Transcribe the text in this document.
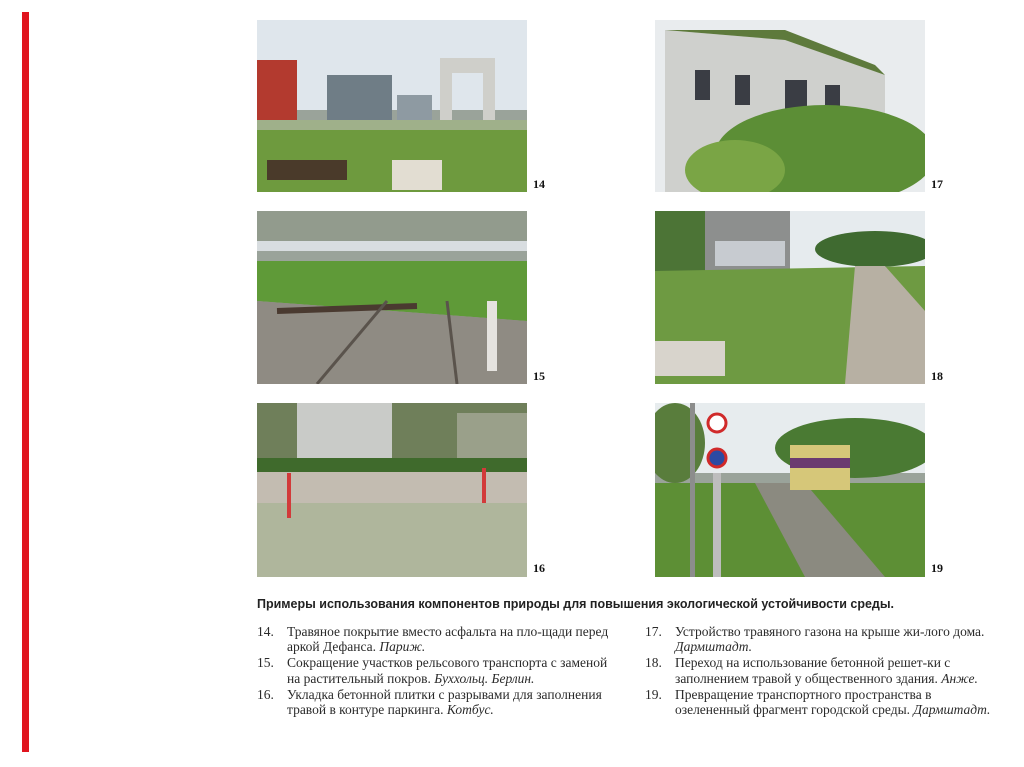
14
15
16
17
18
19
Примеры использования компонентов природы для повышения экологической устойчивости среды.
14. Травяное покрытие вместо асфальта на пло-щади перед аркой Дефанса. Париж.
15. Сокращение участков рельсового транспорта с заменой на растительный покров. Буххольц. Берлин.
16. Укладка бетонной плитки с разрывами для заполнения травой в контуре паркинга. Котбус.
17. Устройство травяного газона на крыше жи-лого дома. Дармштадт.
18. Переход на использование бетонной решет-ки с заполнением травой у общественного здания. Анже.
19. Превращение транспортного пространства в озелененный фрагмент городской среды. Дармштадт.
